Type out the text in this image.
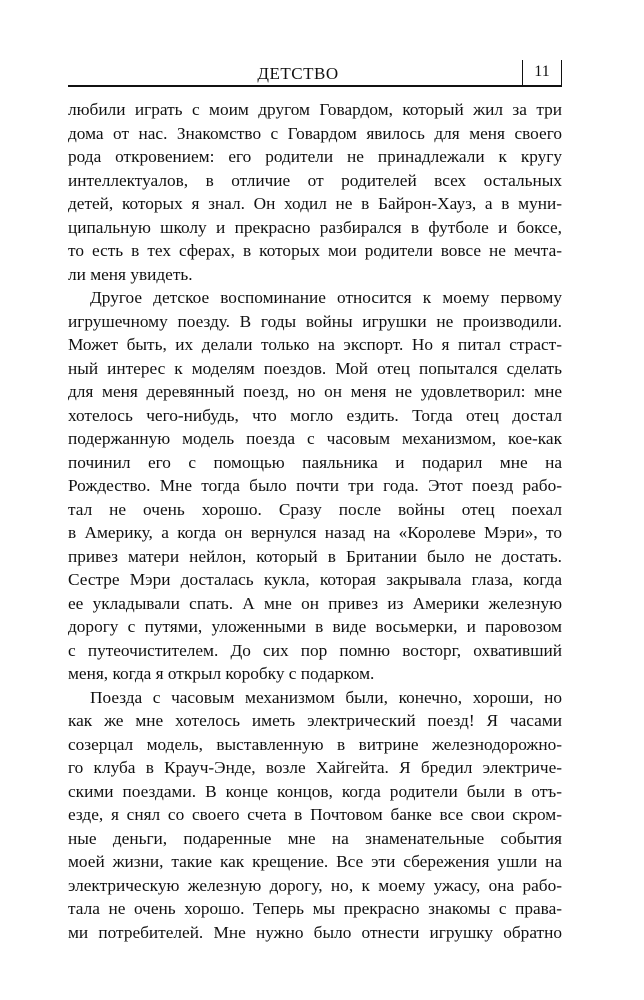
ДЕТСТВО	11
любили играть с моим другом Говардом, который жил за три
дома от нас. Знакомство с Говардом явилось для меня своего
рода откровением: его родители не принадлежали к кругу
интеллектуалов, в отличие от родителей всех остальных
детей, которых я знал. Он ходил не в Байрон-Хауз, а в муни-
ципальную школу и прекрасно разбирался в футболе и боксе,
то есть в тех сферах, в которых мои родители вовсе не мечта-
ли меня увидеть.
Другое детское воспоминание относится к моему первому
игрушечному поезду. В годы войны игрушки не производили.
Может быть, их делали только на экспорт. Но я питал страст-
ный интерес к моделям поездов. Мой отец попытался сделать
для меня деревянный поезд, но он меня не удовлетворил: мне
хотелось чего-нибудь, что могло ездить. Тогда отец достал
подержанную модель поезда с часовым механизмом, кое-как
починил его с помощью паяльника и подарил мне на
Рождество. Мне тогда было почти три года. Этот поезд рабо-
тал не очень хорошо. Сразу после войны отец поехал
в Америку, а когда он вернулся назад на «Королеве Мэри», то
привез матери нейлон, который в Британии было не достать.
Сестре Мэри досталась кукла, которая закрывала глаза, когда
ее укладывали спать. А мне он привез из Америки железную
дорогу с путями, уложенными в виде восьмерки, и паровозом
с путеочистителем. До сих пор помню восторг, охвативший
меня, когда я открыл коробку с подарком.
Поезда с часовым механизмом были, конечно, хороши, но
как же мне хотелось иметь электрический поезд! Я часами
созерцал модель, выставленную в витрине железнодорожно-
го клуба в Крауч-Энде, возле Хайгейта. Я бредил электриче-
скими поездами. В конце концов, когда родители были в отъ-
езде, я снял со своего счета в Почтовом банке все свои скром-
ные деньги, подаренные мне на знаменательные события
моей жизни, такие как крещение. Все эти сбережения ушли на
электрическую железную дорогу, но, к моему ужасу, она рабо-
тала не очень хорошо. Теперь мы прекрасно знакомы с права-
ми потребителей. Мне нужно было отнести игрушку обратно
